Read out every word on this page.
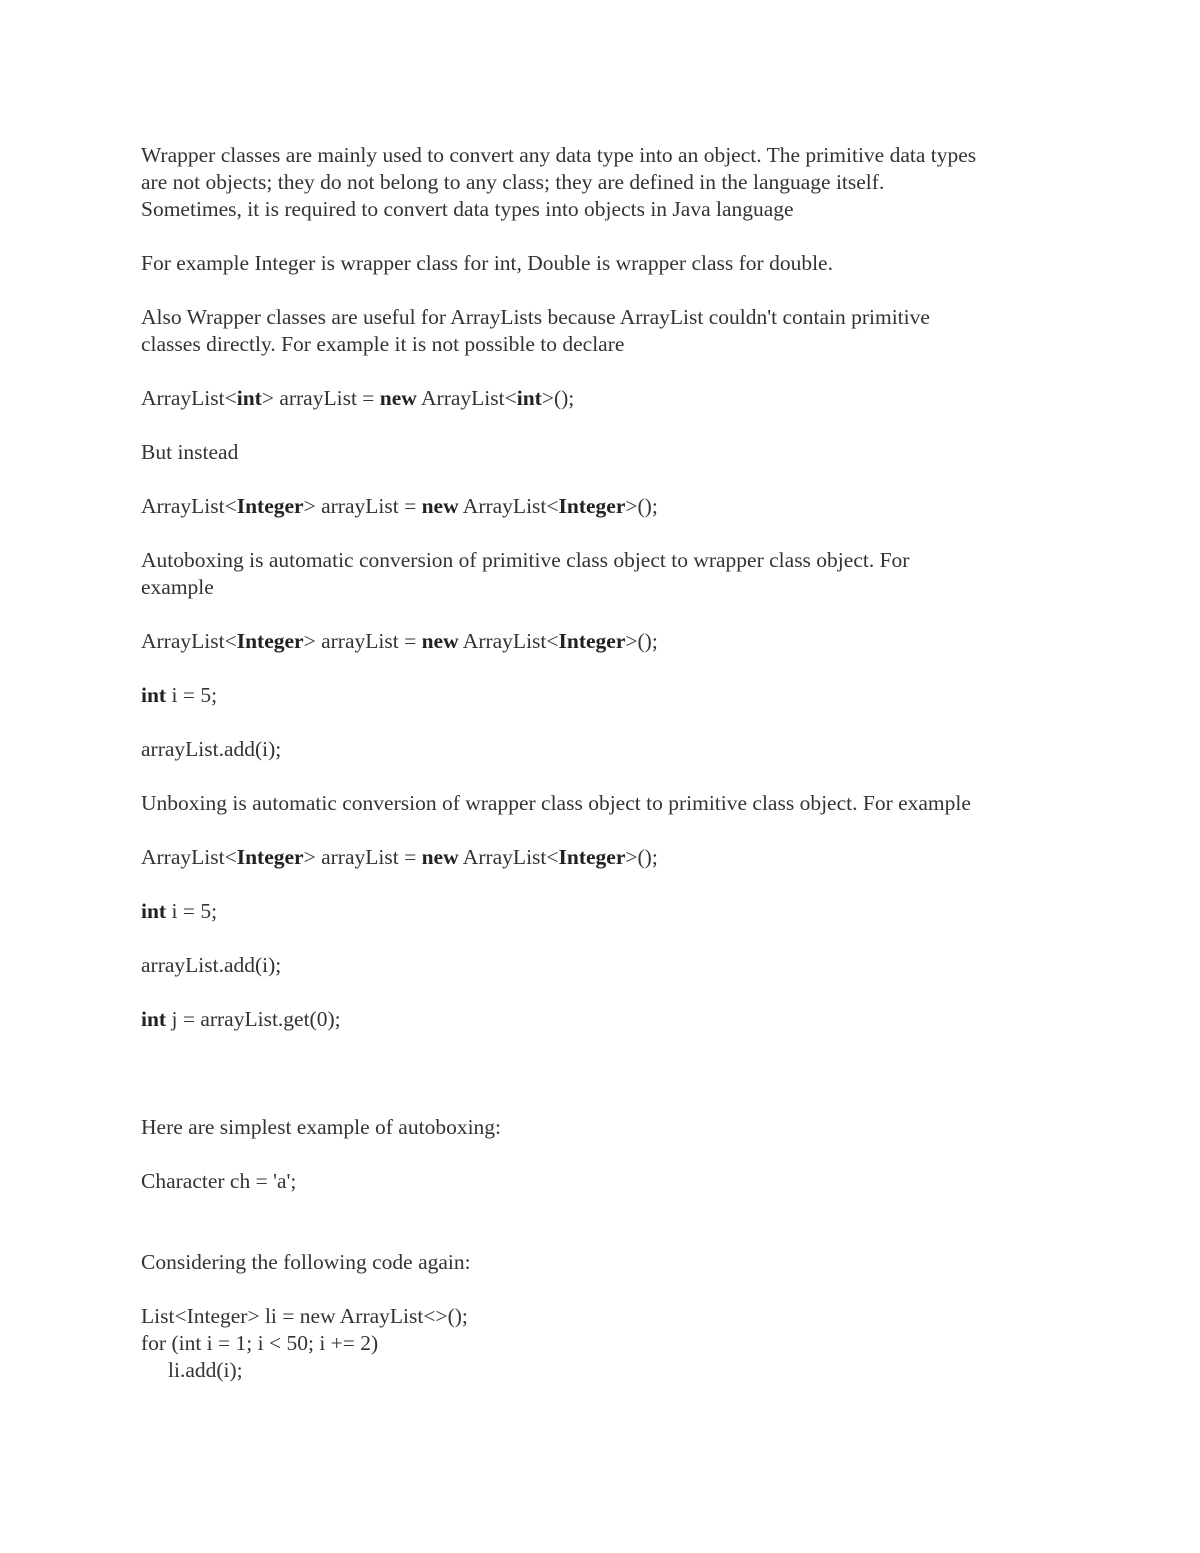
Wrapper classes are mainly used to convert any data type into an object. The primitive data types
are not objects; they do not belong to any class; they are defined in the language itself.
Sometimes, it is required to convert data types into objects in Java language
For example Integer is wrapper class for int, Double is wrapper class for double.
Also Wrapper classes are useful for ArrayLists because ArrayList couldn't contain primitive
classes directly. For example it is not possible to declare
ArrayList<int> arrayList = new ArrayList<int>();
But instead
ArrayList<Integer> arrayList = new ArrayList<Integer>();
Autoboxing is automatic conversion of primitive class object to wrapper class object. For
example
ArrayList<Integer> arrayList = new ArrayList<Integer>();
int i = 5;
arrayList.add(i);
Unboxing is automatic conversion of wrapper class object to primitive class object. For example
ArrayList<Integer> arrayList = new ArrayList<Integer>();
int i = 5;
arrayList.add(i);
int j = arrayList.get(0);
Here are simplest example of autoboxing:
Character ch = 'a';
Considering the following code again:
List<Integer> li = new ArrayList<>();
for (int i = 1; i < 50; i += 2)
li.add(i);
